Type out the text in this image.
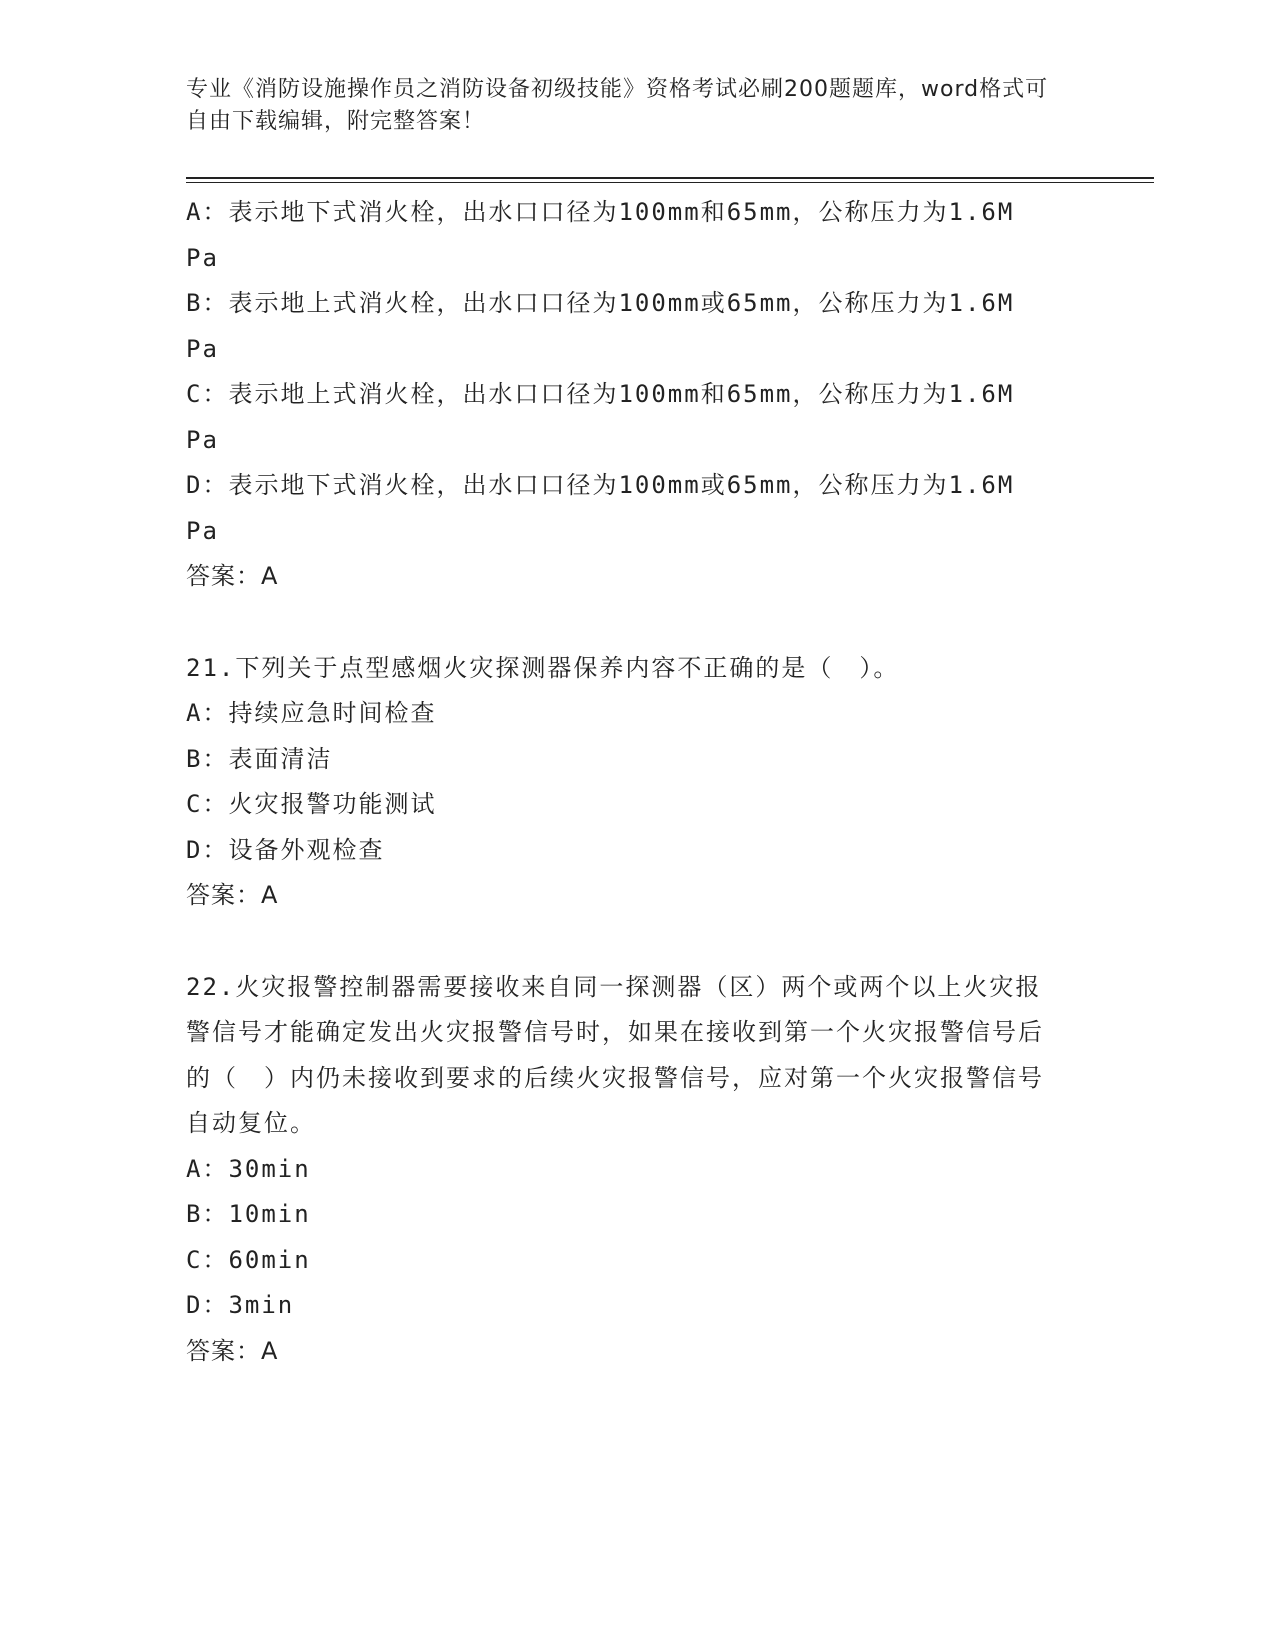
专业《消防设施操作员之消防设备初级技能》资格考试必刷200题题库，word格式可自由下载编辑，附完整答案！
A：表示地下式消火栓，出水口口径为100mm和65mm，公称压力为1.6MPa
B：表示地上式消火栓，出水口口径为100mm或65mm，公称压力为1.6MPa
C：表示地上式消火栓，出水口口径为100mm和65mm，公称压力为1.6MPa
D：表示地下式消火栓，出水口口径为100mm或65mm，公称压力为1.6MPa
答案：A
21.下列关于点型感烟火灾探测器保养内容不正确的是（　）。
A：持续应急时间检查
B：表面清洁
C：火灾报警功能测试
D：设备外观检查
答案：A
22.火灾报警控制器需要接收来自同一探测器（区）两个或两个以上火灾报警信号才能确定发出火灾报警信号时，如果在接收到第一个火灾报警信号后的（　）内仍未接收到要求的后续火灾报警信号，应对第一个火灾报警信号自动复位。
A：30min
B：10min
C：60min
D：3min
答案：A
